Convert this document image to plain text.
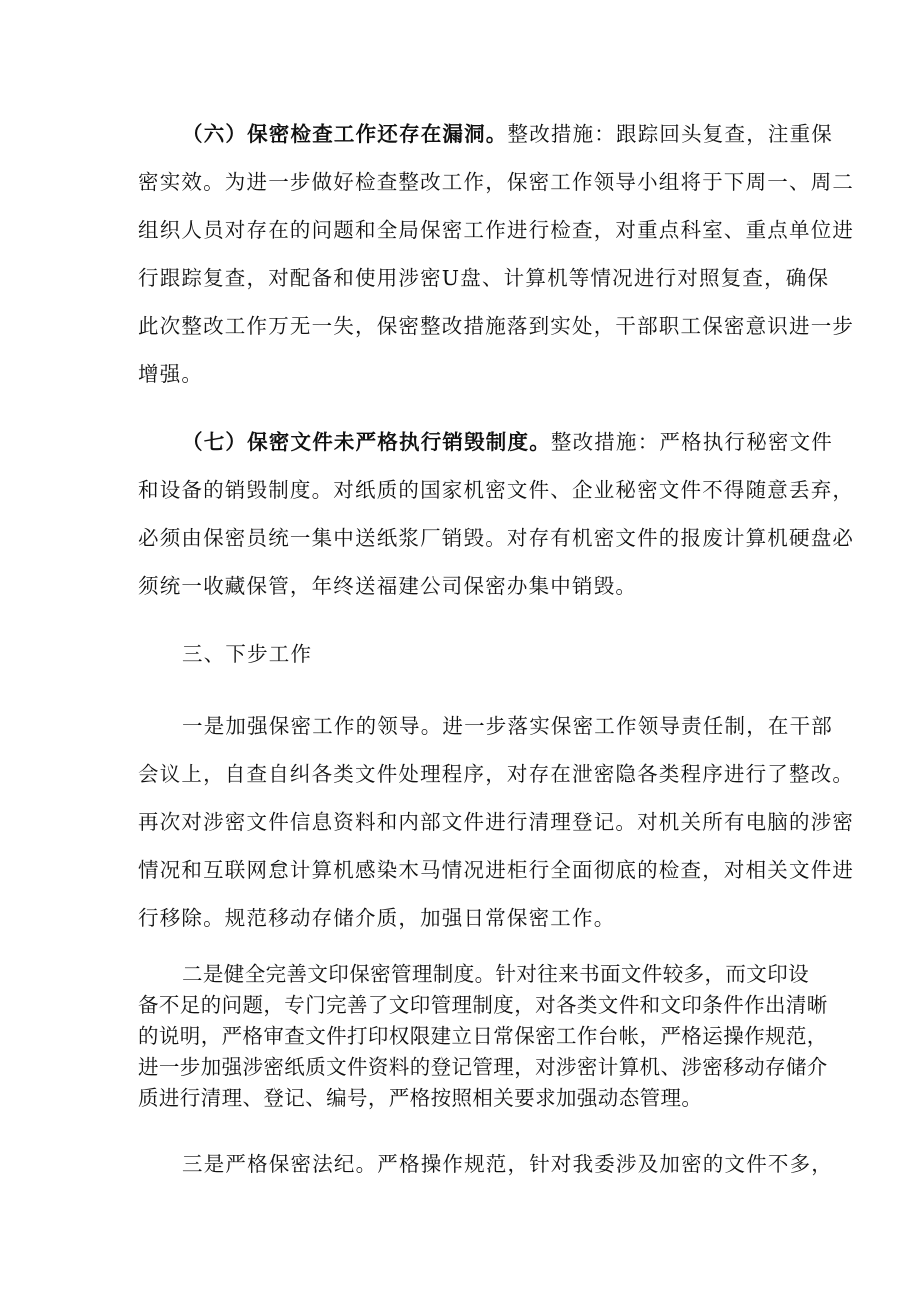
（六）保密检查工作还存在漏洞。整改措施：跟踪回头复查，注重保
密实效。为进一步做好检查整改工作，保密工作领导小组将于下周一、周二
组织人员对存在的问题和全局保密工作进行检查，对重点科室、重点单位进
行跟踪复查，对配备和使用涉密U盘、计算机等情况进行对照复查，确保
此次整改工作万无一失，保密整改措施落到实处，干部职工保密意识进一步
增强。
（七）保密文件未严格执行销毁制度。整改措施：严格执行秘密文件
和设备的销毁制度。对纸质的国家机密文件、企业秘密文件不得随意丢弃，
必须由保密员统一集中送纸浆厂销毁。对存有机密文件的报废计算机硬盘必
须统一收藏保管，年终送福建公司保密办集中销毁。
三、下步工作
一是加强保密工作的领导。进一步落实保密工作领导责任制，在干部
会议上，自查自纠各类文件处理程序，对存在泄密隐各类程序进行了整改。
再次对涉密文件信息资料和内部文件进行清理登记。对机关所有电脑的涉密
情况和互联网怠计算机感染木马情况进柜行全面彻底的检查，对相关文件进
行移除。规范移动存储介质，加强日常保密工作。
二是健全完善文印保密管理制度。针对往来书面文件较多，而文印设
备不足的问题，专门完善了文印管理制度，对各类文件和文印条件作出清晰
的说明，严格审查文件打印权限建立日常保密工作台帐，严格运操作规范，
进一步加强涉密纸质文件资料的登记管理，对涉密计算机、涉密移动存储介
质进行清理、登记、编号，严格按照相关要求加强动态管理。
三是严格保密法纪。严格操作规范，针对我委涉及加密的文件不多，
